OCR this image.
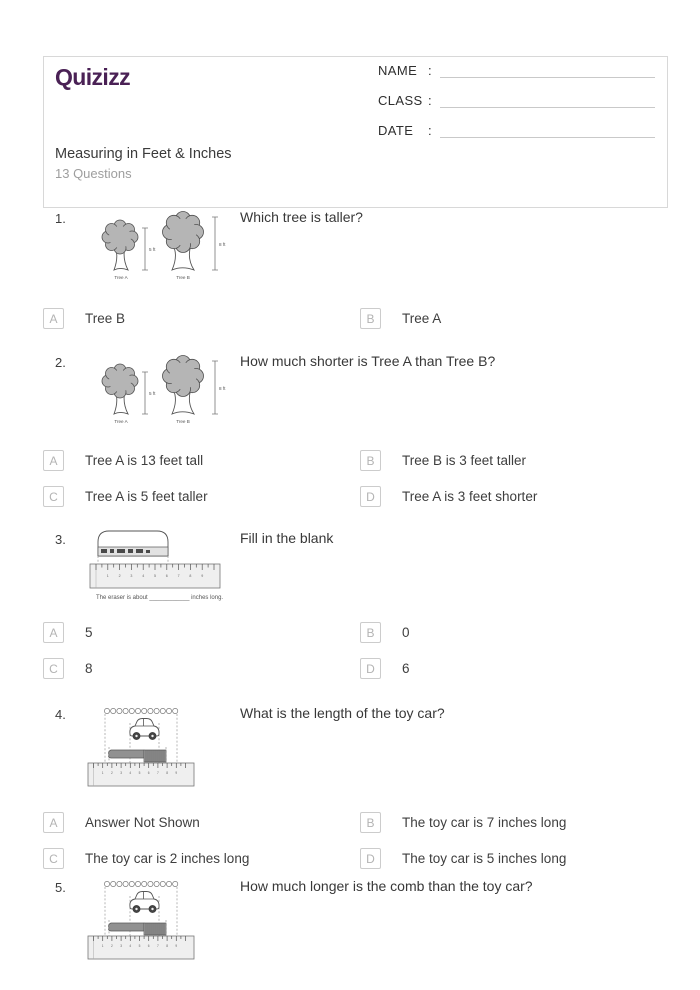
Quizizz
Measuring in Feet & Inches
13 Questions
NAME :
CLASS :
DATE	:
1.	Which tree is taller?
5 ft
Tree A
8 ft
Tree B
A	Tree B	B	Tree A
2.	How much shorter is Tree A than Tree B?
5 ft
Tree A
8 ft
Tree B
A	Tree A is 13 feet tall	B	Tree B is 3 feet taller
C	Tree A is 5 feet taller	D	Tree A is 3 feet shorter
3.	Fill in the blank
1	2	3	4	5	6	7	8	9
The eraser is about ____________ inches long.
A	5	B	0
C	8	D	6
4.	What is the length of the toy car?
1 2 3 4 5 6 7 8 9
A	Answer Not Shown	B	The toy car is 7 inches long
C	The toy car is 2 inches long	D	The toy car is 5 inches long
5.	How much longer is the comb than the toy car?
1 2 3 4 5 6 7 8 9
